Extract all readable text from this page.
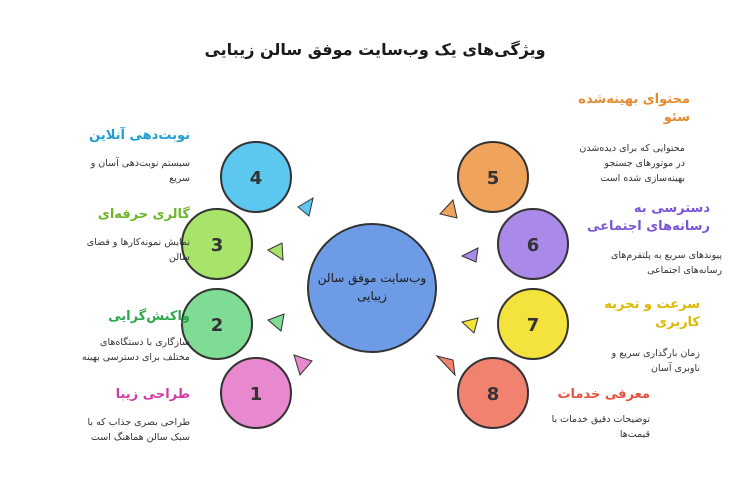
وب‌سایت موفق سالن
زیبایی
4
3
2
1
5
6
7
8
ویژگی‌های یک وب‌سایت موفق سالن زیبایی
نوبت‌دهی آنلاین
سیستم نوبت‌دهی آسان و
سریع
گالری حرفه‌ای
نمایش نمونه‌کارها و فضای
سالن
واکنش‌گرایی
سازگاری با دستگاه‌های
مختلف برای دسترسی بهینه
طراحی زیبا
طراحی بصری جذاب که با
سبک سالن هماهنگ است
محتوای بهینه‌شده
سئو
محتوایی که برای دیده‌شدن
در موتورهای جستجو
بهینه‌سازی شده است
دسترسی به
رسانه‌های اجتماعی
پیوندهای سریع به پلتفرم‌های
رسانه‌های اجتماعی
سرعت و تجربه
کاربری
زمان بارگذاری سریع و
ناوبری آسان
معرفی خدمات
توضیحات دقیق خدمات با
قیمت‌ها
